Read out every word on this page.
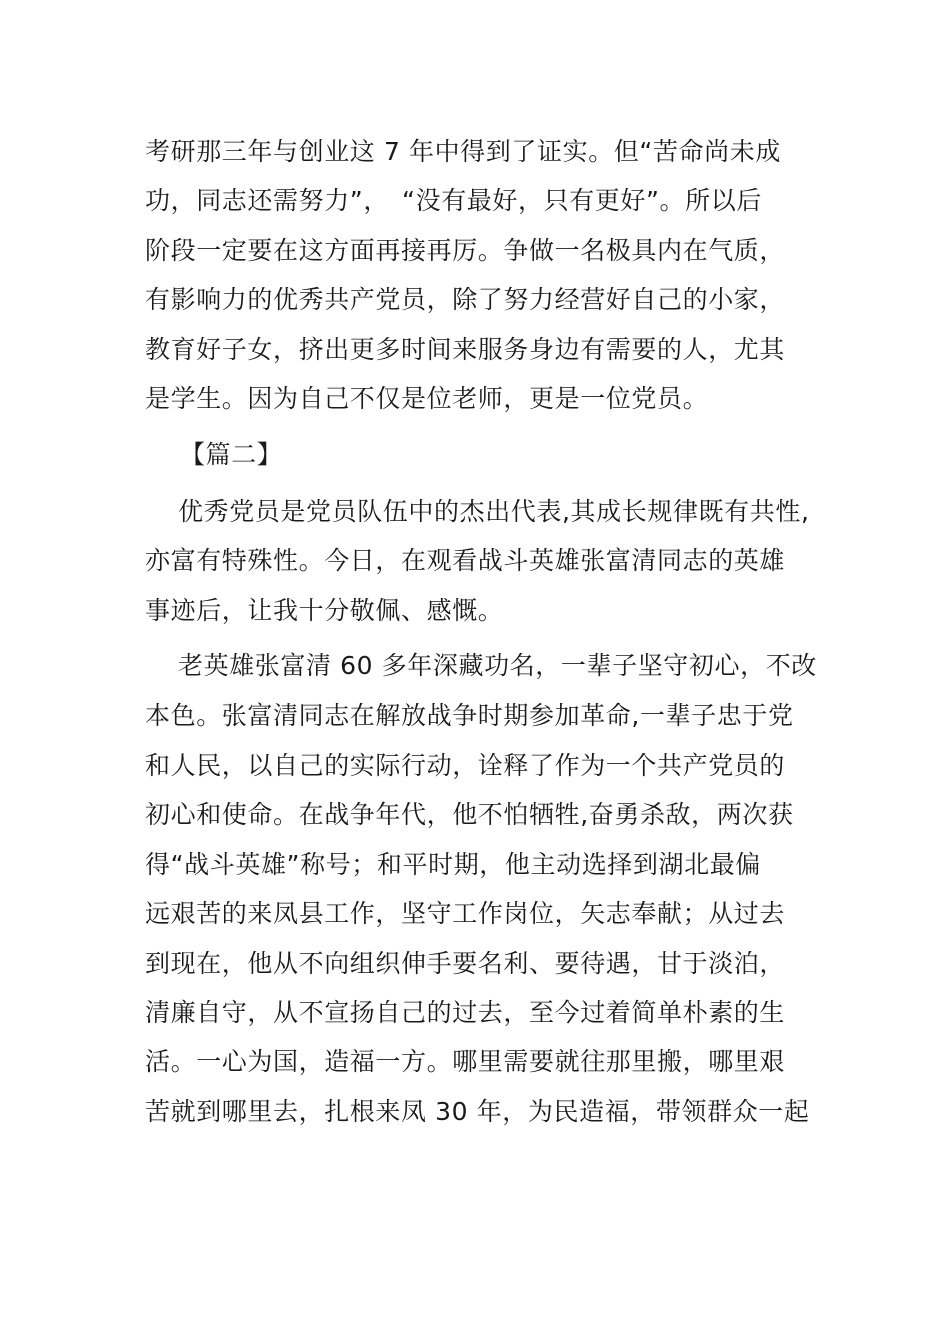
考研那三年与创业这 7 年中得到了证实。但“苦命尚未成

功，同志还需努力”，　“没有最好，只有更好”。所以后

阶段一定要在这方面再接再厉。争做一名极具内在气质，

有影响力的优秀共产党员，除了努力经营好自己的小家，

教育好子女，挤出更多时间来服务身边有需要的人，尤其

是学生。因为自己不仅是位老师，更是一位党员。

【篇二】

优秀党员是党员队伍中的杰出代表,其成长规律既有共性,

亦富有特殊性。今日，在观看战斗英雄张富清同志的英雄

事迹后，让我十分敬佩、感慨。

老英雄张富清 60 多年深藏功名，一辈子坚守初心，不改

本色。张富清同志在解放战争时期参加革命,一辈子忠于党

和人民，以自己的实际行动，诠释了作为一个共产党员的

初心和使命。在战争年代，他不怕牺牲,奋勇杀敌，两次获

得“战斗英雄”称号；和平时期，他主动选择到湖北最偏

远艰苦的来凤县工作，坚守工作岗位，矢志奉献；从过去

到现在，他从不向组织伸手要名利、要待遇，甘于淡泊，

清廉自守，从不宣扬自己的过去，至今过着简单朴素的生

活。一心为国，造福一方。哪里需要就往那里搬，哪里艰

苦就到哪里去，扎根来凤 30 年，为民造福，带领群众一起
